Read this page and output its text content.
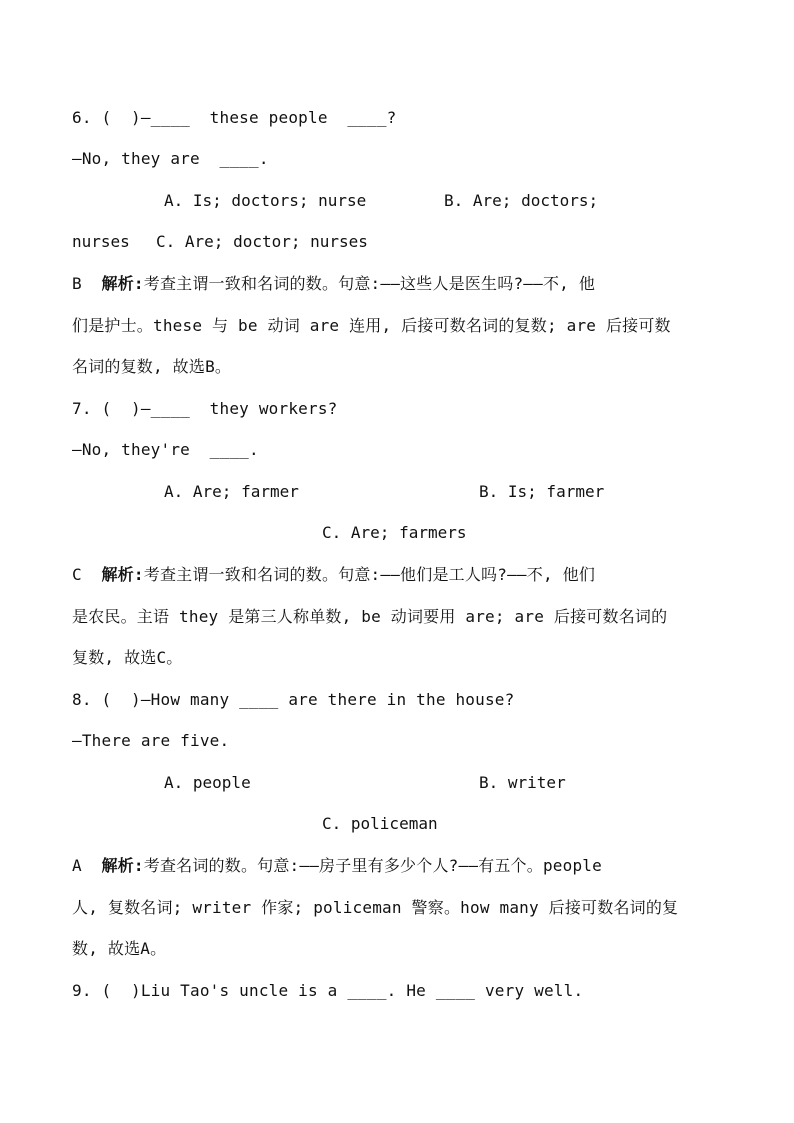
6. (  )—____  these people  ____?
—No, they are  ____.
A. Is; doctors; nurse	B. Are; doctors;
nurses C. Are; doctor; nurses
B 解析:考查主谓一致和名词的数。句意:——这些人是医生吗?——不, 他
们是护士。these 与 be 动词 are 连用, 后接可数名词的复数; are 后接可数
名词的复数, 故选B。
7. (  )—____  they workers?
—No, they're  ____.
A. Are; farmer	B. Is; farmer
C. Are; farmers
C 解析:考查主谓一致和名词的数。句意:——他们是工人吗?——不, 他们
是农民。主语 they 是第三人称单数, be 动词要用 are; are 后接可数名词的
复数, 故选C。
8. (  )—How many ____ are there in the house?
—There are five.
A. people	B. writer
C. policeman
A 解析:考查名词的数。句意:——房子里有多少个人?——有五个。people
人, 复数名词; writer 作家; policeman 警察。how many 后接可数名词的复
数, 故选A。
9. (  )Liu Tao's uncle is a ____. He ____ very well.
